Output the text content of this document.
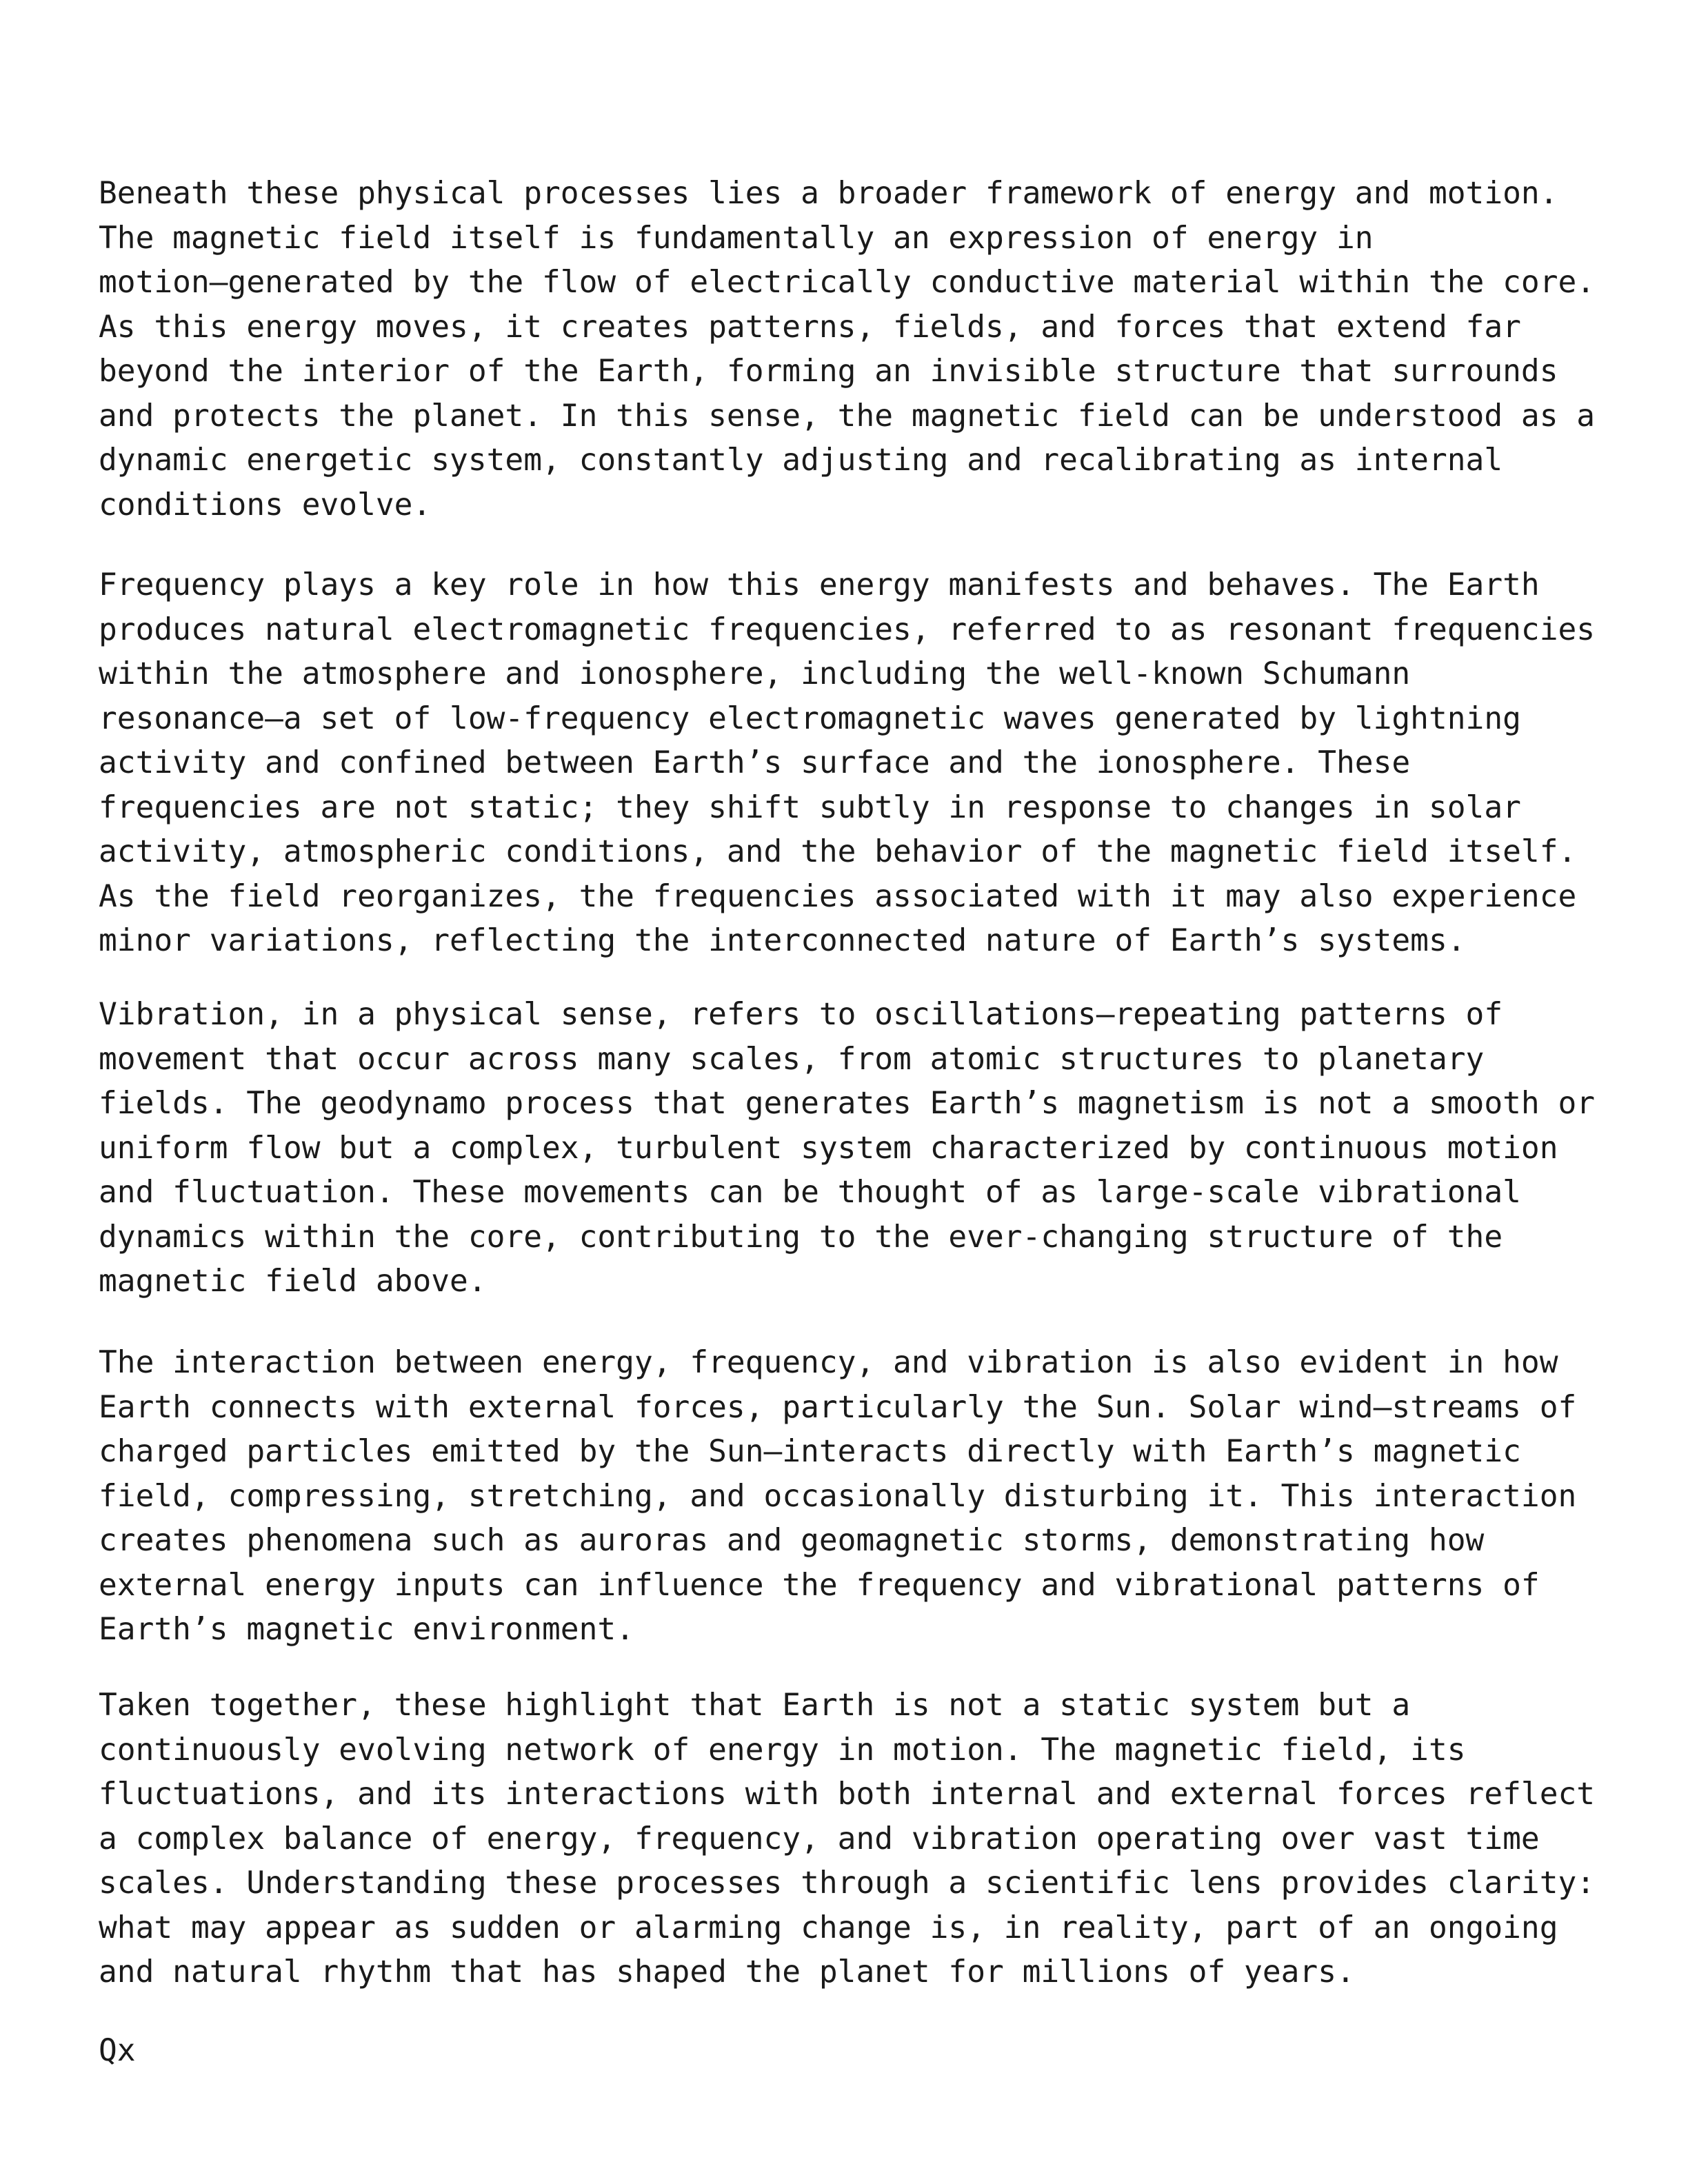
Beneath these physical processes lies a broader framework of energy and motion.
The magnetic field itself is fundamentally an expression of energy in
motion—generated by the flow of electrically conductive material within the core.
As this energy moves, it creates patterns, fields, and forces that extend far
beyond the interior of the Earth, forming an invisible structure that surrounds
and protects the planet. In this sense, the magnetic field can be understood as a
dynamic energetic system, constantly adjusting and recalibrating as internal
conditions evolve.
Frequency plays a key role in how this energy manifests and behaves. The Earth
produces natural electromagnetic frequencies, referred to as resonant frequencies
within the atmosphere and ionosphere, including the well-known Schumann
resonance—a set of low-frequency electromagnetic waves generated by lightning
activity and confined between Earth’s surface and the ionosphere. These
frequencies are not static; they shift subtly in response to changes in solar
activity, atmospheric conditions, and the behavior of the magnetic field itself.
As the field reorganizes, the frequencies associated with it may also experience
minor variations, reflecting the interconnected nature of Earth’s systems.
Vibration, in a physical sense, refers to oscillations—repeating patterns of
movement that occur across many scales, from atomic structures to planetary
fields. The geodynamo process that generates Earth’s magnetism is not a smooth or
uniform flow but a complex, turbulent system characterized by continuous motion
and fluctuation. These movements can be thought of as large-scale vibrational
dynamics within the core, contributing to the ever-changing structure of the
magnetic field above.
The interaction between energy, frequency, and vibration is also evident in how
Earth connects with external forces, particularly the Sun. Solar wind—streams of
charged particles emitted by the Sun—interacts directly with Earth’s magnetic
field, compressing, stretching, and occasionally disturbing it. This interaction
creates phenomena such as auroras and geomagnetic storms, demonstrating how
external energy inputs can influence the frequency and vibrational patterns of
Earth’s magnetic environment.
Taken together, these highlight that Earth is not a static system but a
continuously evolving network of energy in motion. The magnetic field, its
fluctuations, and its interactions with both internal and external forces reflect
a complex balance of energy, frequency, and vibration operating over vast time
scales. Understanding these processes through a scientific lens provides clarity:
what may appear as sudden or alarming change is, in reality, part of an ongoing
and natural rhythm that has shaped the planet for millions of years.
Qx
